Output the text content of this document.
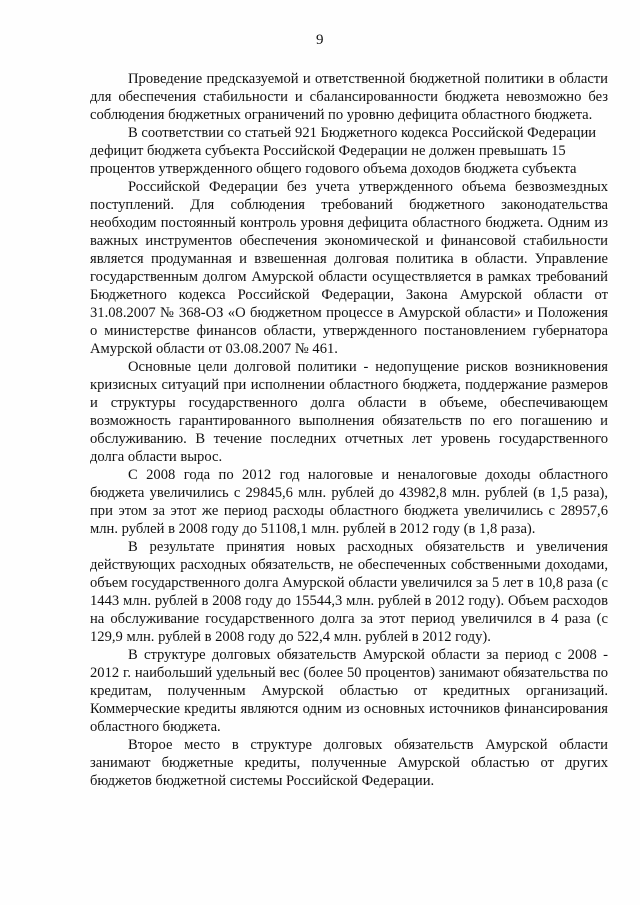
9

Проведение предсказуемой и ответственной бюджетной политики в области для обеспечения стабильности и сбалансированности бюджета невозможно без соблюдения бюджетных ограничений по уровню дефицита областного бюджета.

В соответствии со статьей 921 Бюджетного кодекса Российской Федерации дефицит бюджета субъекта Российской Федерации не должен превышать 15 процентов утвержденного общего годового объема доходов бюджета субъекта

Российской Федерации без учета утвержденного объема безвозмездных поступлений. Для соблюдения требований бюджетного законодательства необходим постоянный контроль уровня дефицита областного бюджета. Одним из важных инструментов обеспечения экономической и финансовой стабильности является продуманная и взвешенная долговая политика в области. Управление государственным долгом Амурской области осуществляется в рамках требований Бюджетного кодекса Российской Федерации, Закона Амурской области от 31.08.2007 № 368-ОЗ «О бюджетном процессе в Амурской области» и Положения о министерстве финансов области, утвержденного постановлением губернатора Амурской области от 03.08.2007 № 461.

Основные цели долговой политики - недопущение рисков возникновения кризисных ситуаций при исполнении областного бюджета, поддержание размеров и структуры государственного долга области в объеме, обеспечивающем возможность гарантированного выполнения обязательств по его погашению и обслуживанию. В течение последних отчетных лет уровень государственного долга области вырос.

С 2008 года по 2012 год налоговые и неналоговые доходы областного бюджета увеличились с 29845,6 млн. рублей до 43982,8 млн. рублей (в 1,5 раза), при этом за этот же период расходы областного бюджета увеличились с 28957,6 млн. рублей в 2008 году до 51108,1 млн. рублей в 2012 году (в 1,8 раза).

В результате принятия новых расходных обязательств и увеличения действующих расходных обязательств, не обеспеченных собственными доходами, объем государственного долга Амурской области увеличился за 5 лет в 10,8 раза (с 1443 млн. рублей в 2008 году до 15544,3 млн. рублей в 2012 году). Объем расходов на обслуживание государственного долга за этот период увеличился в 4 раза (с 129,9 млн. рублей в 2008 году до 522,4 млн. рублей в 2012 году).

В структуре долговых обязательств Амурской области за период с 2008 - 2012 г. наибольший удельный вес (более 50 процентов) занимают обязательства по кредитам, полученным Амурской областью от кредитных организаций. Коммерческие кредиты являются одним из основных источников финансирования областного бюджета.

Второе место в структуре долговых обязательств Амурской области занимают бюджетные кредиты, полученные Амурской областью от других бюджетов бюджетной системы Российской Федерации.
